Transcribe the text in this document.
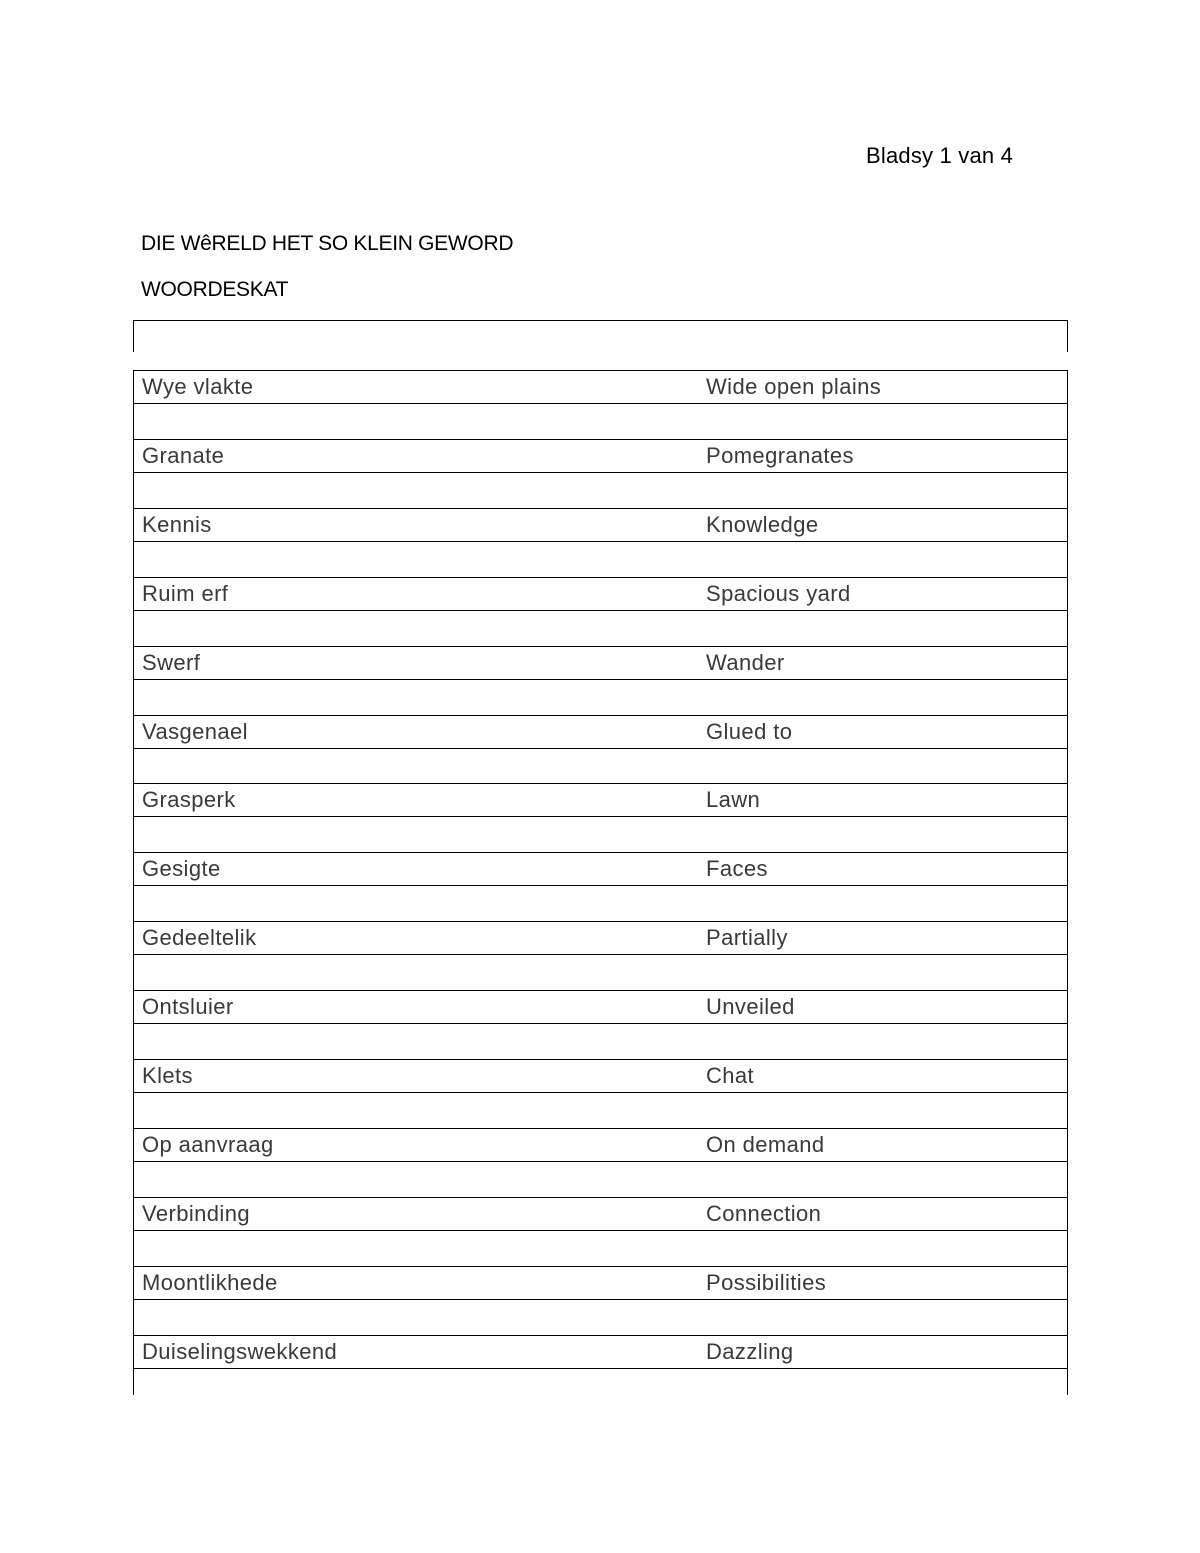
Bladsy 1 van 4
DIE WêRELD HET SO KLEIN GEWORD
WOORDESKAT
Wye vlakte	Wide open plains
Granate	Pomegranates
Kennis	Knowledge
Ruim erf	Spacious yard
Swerf	Wander
Vasgenael	Glued to
Grasperk	Lawn
Gesigte	Faces
Gedeeltelik	Partially
Ontsluier	Unveiled
Klets	Chat
Op aanvraag	On demand
Verbinding	Connection
Moontlikhede	Possibilities
Duiselingswekkend	Dazzling
